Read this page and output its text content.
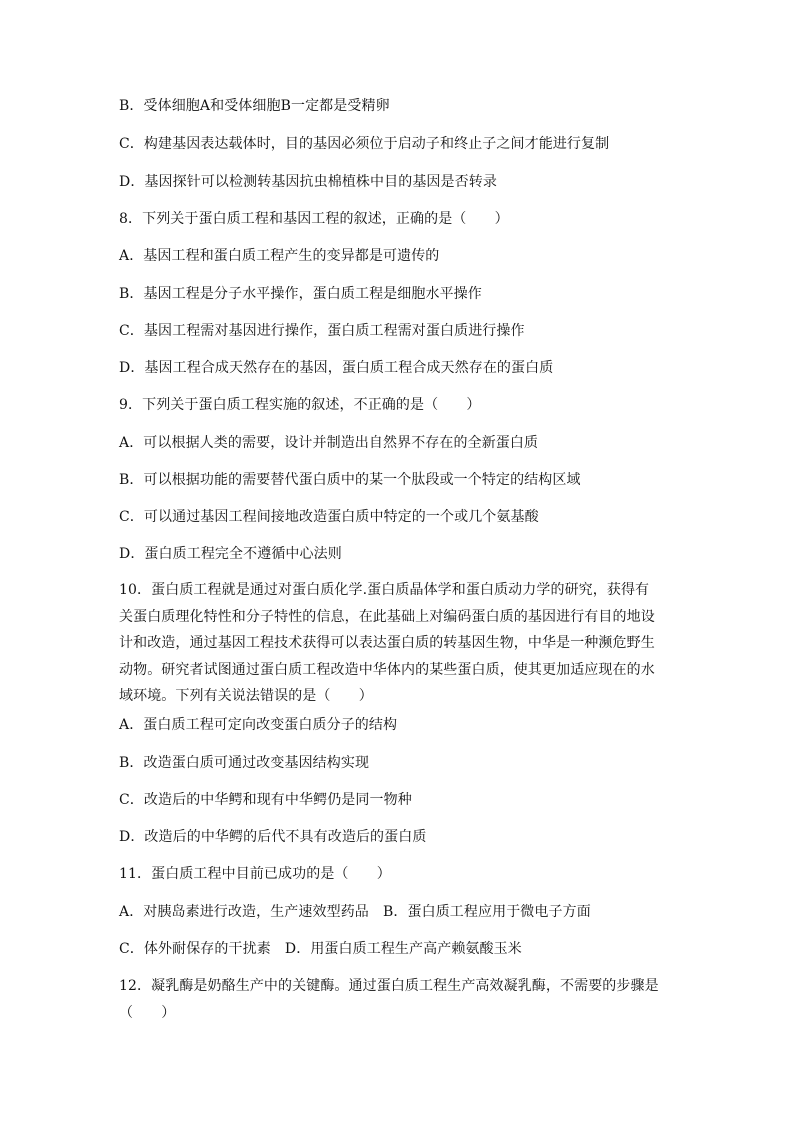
B．受体细胞A和受体细胞B一定都是受精卵
C．构建基因表达载体时，目的基因必须位于启动子和终止子之间才能进行复制
D．基因探针可以检测转基因抗虫棉植株中目的基因是否转录
8．下列关于蛋白质工程和基因工程的叙述，正确的是（　　）
A．基因工程和蛋白质工程产生的变异都是可遗传的
B．基因工程是分子水平操作，蛋白质工程是细胞水平操作
C．基因工程需对基因进行操作，蛋白质工程需对蛋白质进行操作
D．基因工程合成天然存在的基因，蛋白质工程合成天然存在的蛋白质
9．下列关于蛋白质工程实施的叙述，不正确的是（　　）
A．可以根据人类的需要，设计并制造出自然界不存在的全新蛋白质
B．可以根据功能的需要替代蛋白质中的某一个肽段或一个特定的结构区域
C．可以通过基因工程间接地改造蛋白质中特定的一个或几个氨基酸
D．蛋白质工程完全不遵循中心法则
10．蛋白质工程就是通过对蛋白质化学.蛋白质晶体学和蛋白质动力学的研究，获得有
关蛋白质理化特性和分子特性的信息，在此基础上对编码蛋白质的基因进行有目的地设
计和改造，通过基因工程技术获得可以表达蛋白质的转基因生物，中华是一种濒危野生
动物。研究者试图通过蛋白质工程改造中华体内的某些蛋白质，使其更加适应现在的水
域环境。下列有关说法错误的是（　　）
A．蛋白质工程可定向改变蛋白质分子的结构
B．改造蛋白质可通过改变基因结构实现
C．改造后的中华鳄和现有中华鳄仍是同一物种
D．改造后的中华鳄的后代不具有改造后的蛋白质
11．蛋白质工程中目前已成功的是（　　）
A．对胰岛素进行改造，生产速效型药品　B．蛋白质工程应用于微电子方面
C．体外耐保存的干扰素　D．用蛋白质工程生产高产赖氨酸玉米
12．凝乳酶是奶酪生产中的关键酶。通过蛋白质工程生产高效凝乳酶，不需要的步骤是
（　　）
